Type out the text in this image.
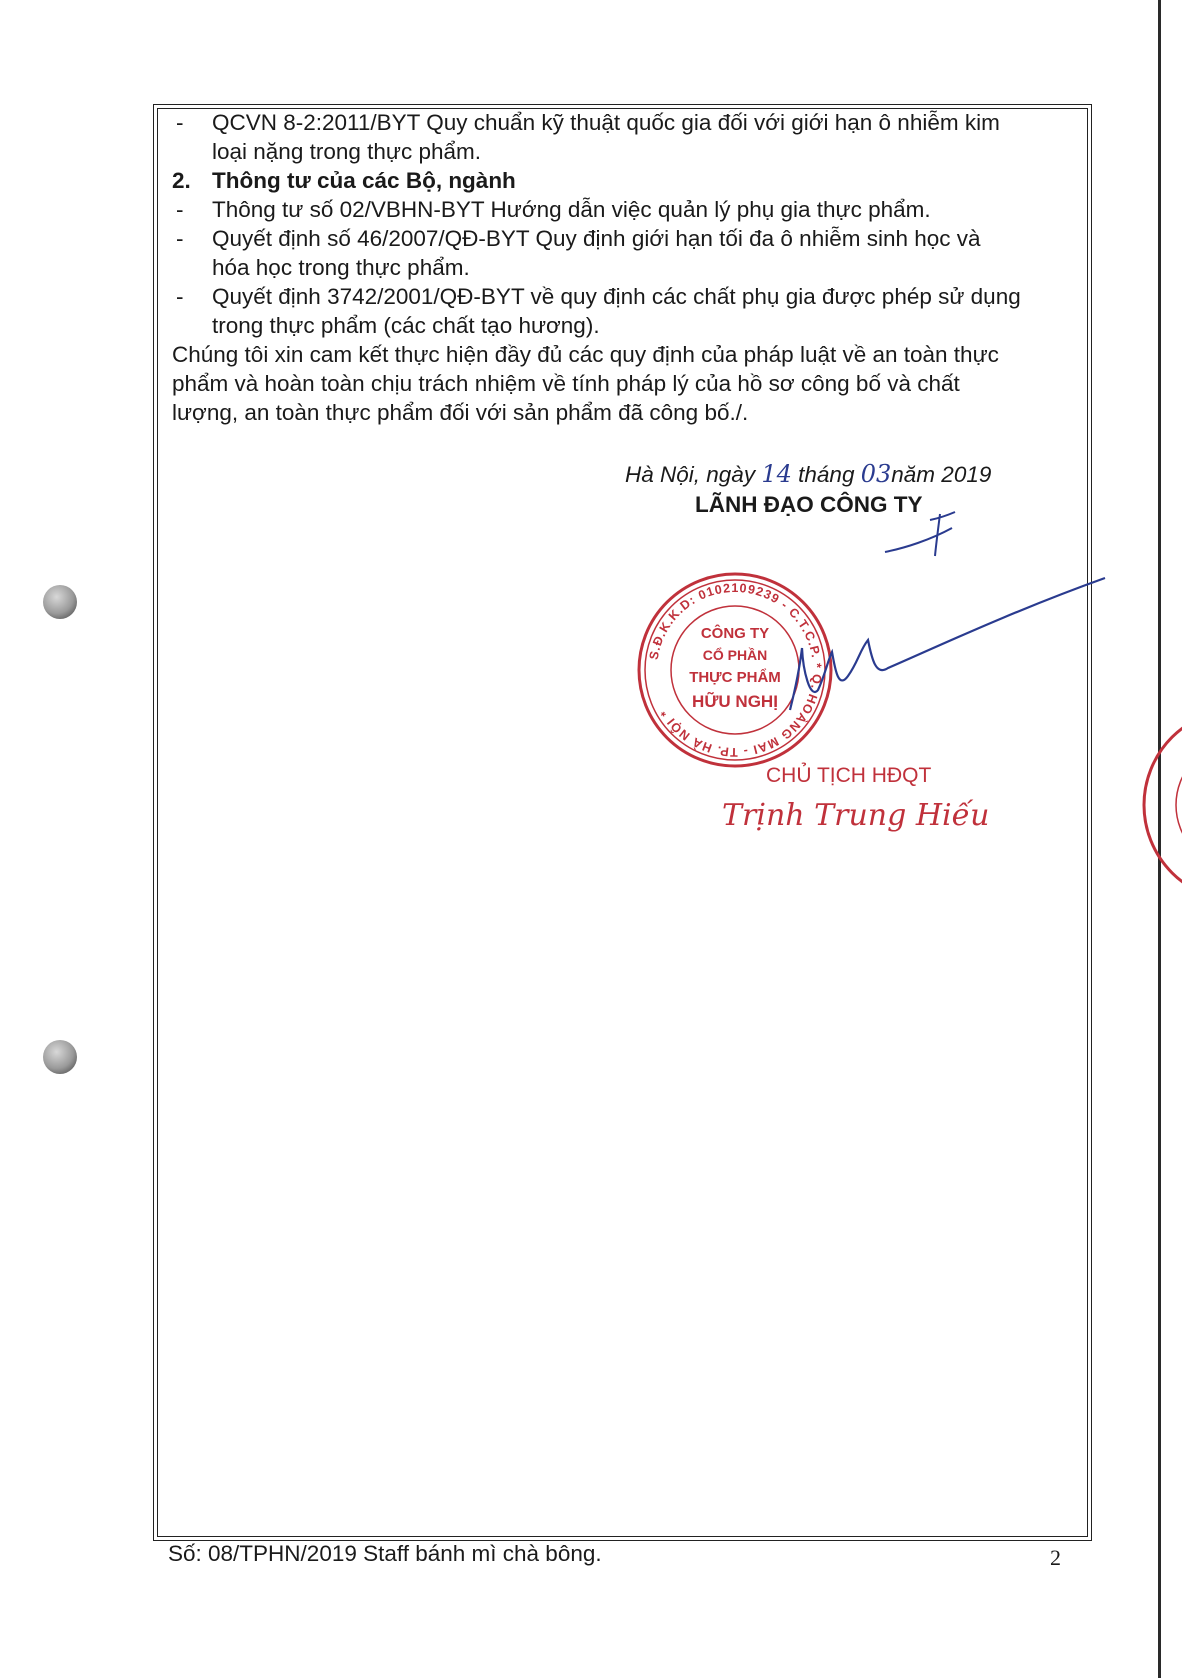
- QCVN 8-2:2011/BYT Quy chuẩn kỹ thuật quốc gia đối với giới hạn ô nhiễm kim
loại nặng trong thực phẩm.

2. Thông tư của các Bộ, ngành

- Thông tư số 02/VBHN-BYT Hướng dẫn việc quản lý phụ gia thực phẩm.

- Quyết định số 46/2007/QĐ-BYT Quy định giới hạn tối đa ô nhiễm sinh học và
hóa học trong thực phẩm.

- Quyết định 3742/2001/QĐ-BYT về quy định các chất phụ gia được phép sử dụng
trong thực phẩm (các chất tạo hương).

Chúng tôi xin cam kết thực hiện đầy đủ các quy định của pháp luật về an toàn thực
phẩm và hoàn toàn chịu trách nhiệm về tính pháp lý của hồ sơ công bố và chất
lượng, an toàn thực phẩm đối với sản phẩm đã công bố./.

Hà Nội, ngày 14 tháng 03năm 2019
LÃNH ĐẠO CÔNG TY
S.Đ.K.K.D: 0102109239 - C.T.C.P. * Q. HOÀNG MAI - TP. HÀ NỘI *
CÔNG TY
CỔ PHẦN
THỰC PHẨM
HỮU NGHỊ
CHỦ TỊCH HĐQT
Trịnh Trung Hiếu
Số: 08/TPHN/2019 Staff bánh mì chà bông.	2
